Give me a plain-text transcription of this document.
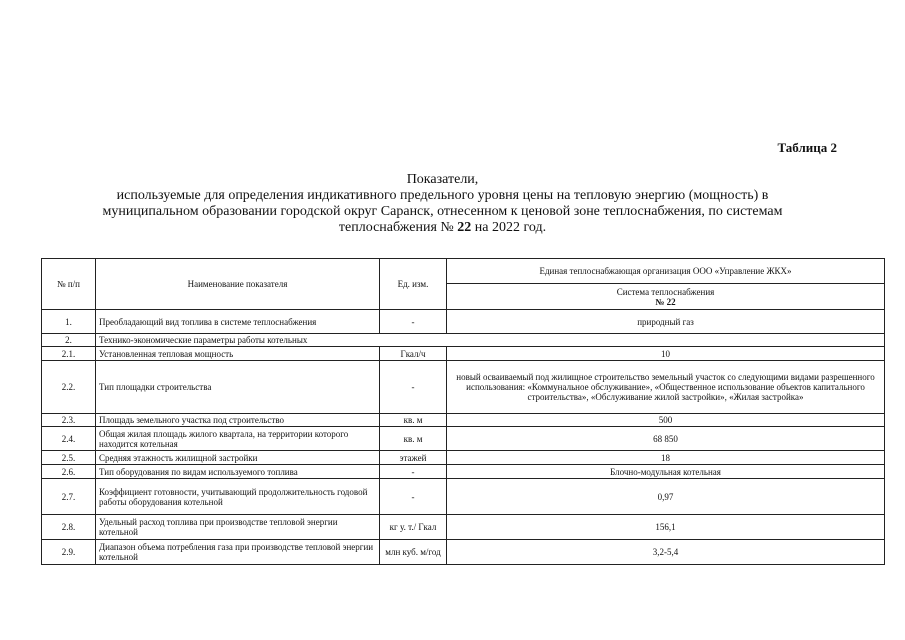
Таблица 2
Показатели,
используемые для определения индикативного предельного уровня цены на тепловую энергию (мощность) в
муниципальном образовании городской округ Саранск, отнесенном к ценовой зоне теплоснабжения, по системам
теплоснабжения № 22 на 2022 год.
№ п/п	Наименование показателя	Ед. изм.	Единая теплоснабжающая организация ООО «Управление ЖКХ»

			Система теплоснабжения
№ 22

1.	Преобладающий вид топлива в системе теплоснабжения	-	природный газ
2.	Технико-экономические параметры работы котельных		
2.1.	Установленная тепловая мощность	Гкал/ч	10
2.2.	Тип площадки строительства	-	новый осваиваемый под жилищное строительство земельный участок со следующими видами разрешенного использования: «Коммунальное обслуживание», «Общественное использование объектов капитального строительства», «Обслуживание жилой застройки», «Жилая застройка»
2.3.	Площадь земельного участка под строительство	кв. м	500
2.4.	Общая жилая площадь жилого квартала, на территории которого находится котельная	кв. м	68 850
2.5.	Средняя этажность жилищной застройки	этажей	18
2.6.	Тип оборудования по видам используемого топлива	-	Блочно-модульная котельная
2.7.	Коэффициент готовности, учитывающий продолжительность годовой работы оборудования котельной	-	0,97
2.8.	Удельный расход топлива при производстве тепловой энергии котельной	кг у. т./ Гкал	156,1
2.9.	Диапазон объема потребления газа при производстве тепловой энергии котельной	млн куб. м/год	3,2-5,4
